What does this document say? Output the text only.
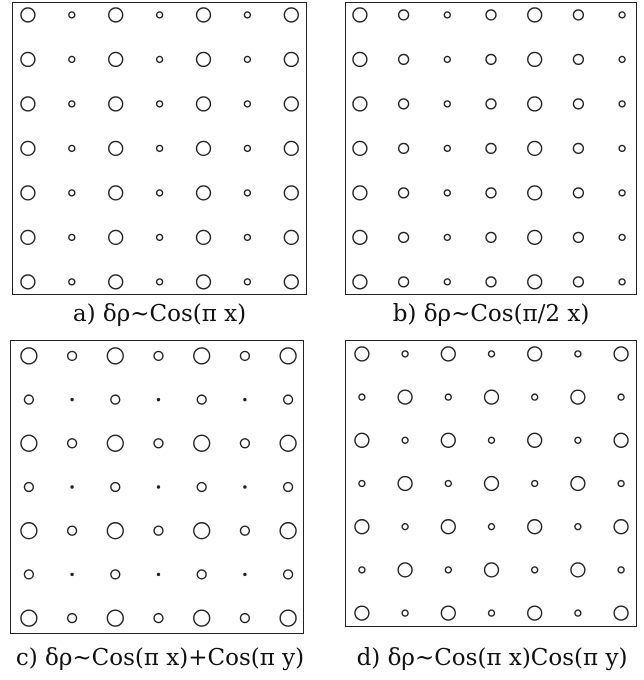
a) δρ~Cos(π x)	b) δρ~Cos(π/2 x)
c) δρ~Cos(π x)+Cos(π y)	d) δρ~Cos(π x)Cos(π y)
